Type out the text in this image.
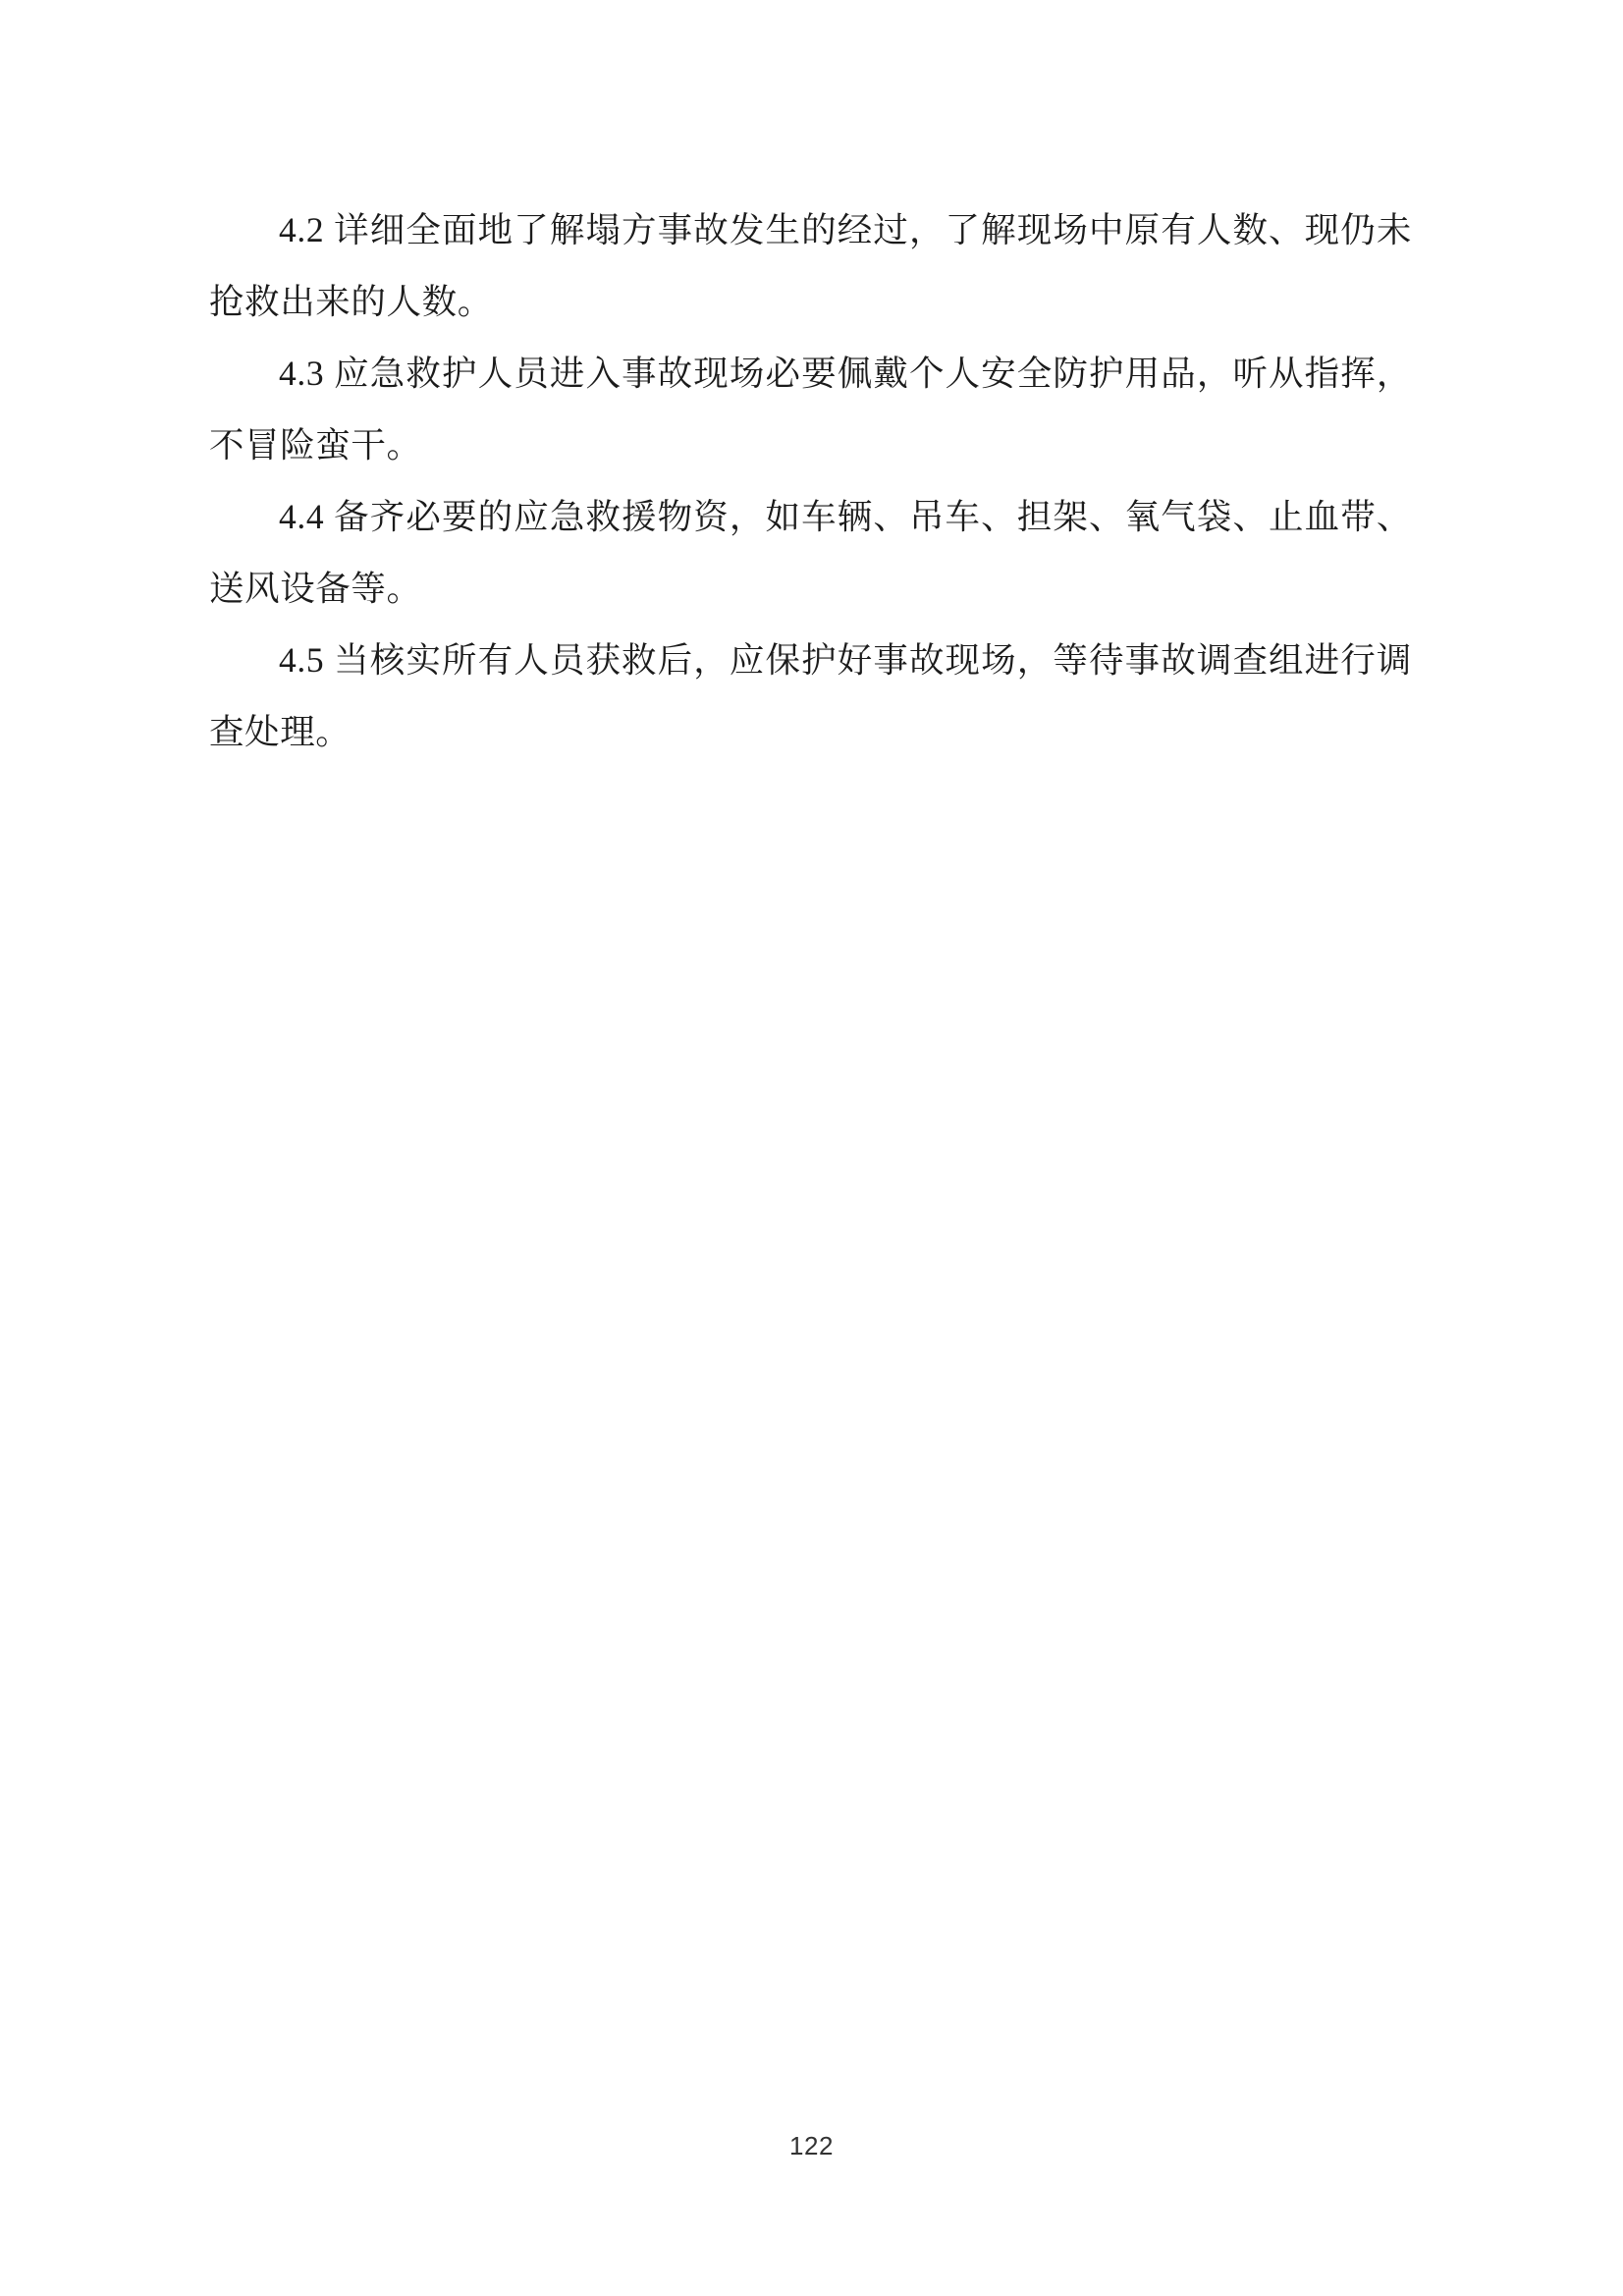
4.2 详细全面地了解塌方事故发生的经过，了解现场中原有人数、现仍未抢救出来的人数。

4.3 应急救护人员进入事故现场必要佩戴个人安全防护用品，听从指挥，不冒险蛮干。

4.4 备齐必要的应急救援物资，如车辆、吊车、担架、氧气袋、止血带、送风设备等。

4.5 当核实所有人员获救后，应保护好事故现场，等待事故调查组进行调查处理。

122
